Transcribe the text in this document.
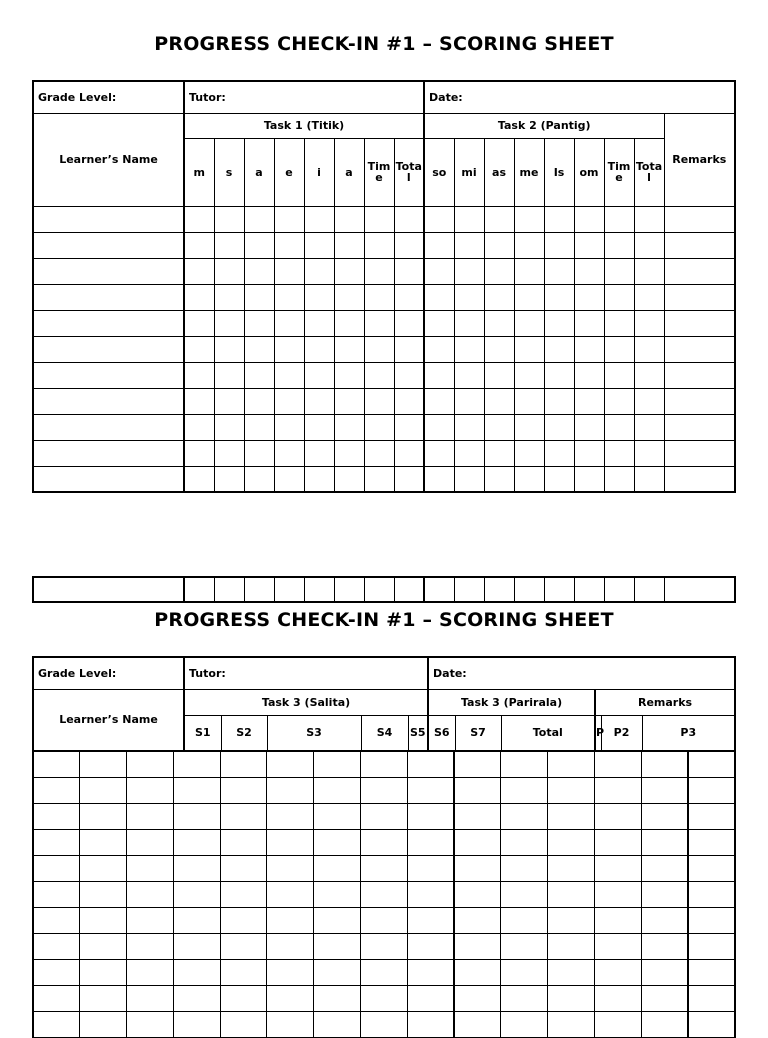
PROGRESS CHECK-IN #1 – SCORING SHEET
Grade Level:	Tutor:								Date:								
Learner’s Name	Task 1 (Titik)								Task 2 (Pantig)								Remarks
	m	s	a	e	i	a	Time	Total	so	mi	as	me	Is	om	Time	Total	

PROGRESS CHECK-IN #1 – SCORING SHEET
Grade Level:	Tutor:					Date:					
Learner’s Name	Task 3 (Salita)					Task 3 (Parirala)			Remarks		
	S1	S2	S3	S4	S5	S6	S7	Total	P	P2	P3
